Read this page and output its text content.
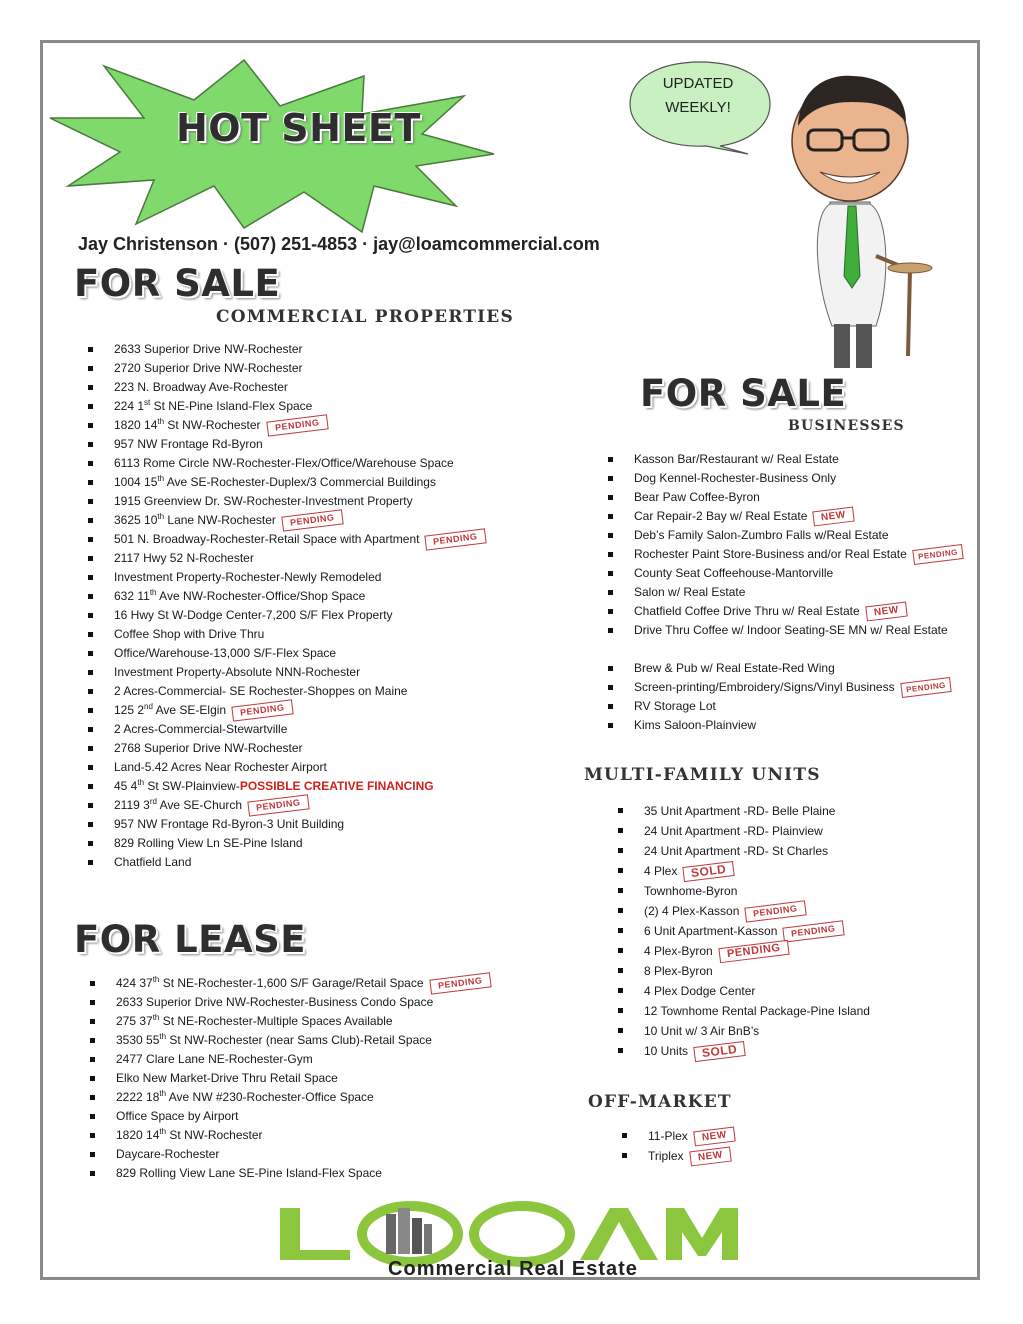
HOT SHEET
UPDATED
WEEKLY!
Jay Christenson · (507) 251-4853 · jay@loamcommercial.com
FOR SALE
COMMERCIAL PROPERTIES
2633 Superior Drive NW-Rochester
2720 Superior Drive NW-Rochester
223 N. Broadway Ave-Rochester
224 1st St NE-Pine Island-Flex Space
1820 14th St NW-Rochester PENDING
957 NW Frontage Rd-Byron
6113 Rome Circle NW-Rochester-Flex/Office/Warehouse Space
1004 15th Ave SE-Rochester-Duplex/3 Commercial Buildings
1915 Greenview Dr. SW-Rochester-Investment Property
3625 10th Lane NW-Rochester PENDING
501 N. Broadway-Rochester-Retail Space with Apartment PENDING
2117 Hwy 52 N-Rochester
Investment Property-Rochester-Newly Remodeled
632 11th Ave NW-Rochester-Office/Shop Space
16 Hwy St W-Dodge Center-7,200 S/F Flex Property
Coffee Shop with Drive Thru
Office/Warehouse-13,000 S/F-Flex Space
Investment Property-Absolute NNN-Rochester
2 Acres-Commercial- SE Rochester-Shoppes on Maine
125 2nd Ave SE-Elgin PENDING
2 Acres-Commercial-Stewartville
2768 Superior Drive NW-Rochester
Land-5.42 Acres Near Rochester Airport
45 4th St SW-Plainview-POSSIBLE CREATIVE FINANCING
2119 3rd Ave SE-Church PENDING
957 NW Frontage Rd-Byron-3 Unit Building
829 Rolling View Ln SE-Pine Island
Chatfield Land
FOR SALE
BUSINESSES
Kasson Bar/Restaurant w/ Real Estate
Dog Kennel-Rochester-Business Only
Bear Paw Coffee-Byron
Car Repair-2 Bay w/ Real Estate NEW
Deb’s Family Salon-Zumbro Falls w/Real Estate
Rochester Paint Store-Business and/or Real Estate PENDING
County Seat Coffeehouse-Mantorville
Salon w/ Real Estate
Chatfield Coffee Drive Thru w/ Real Estate NEW
Drive Thru Coffee w/ Indoor Seating-SE MN w/ Real Estate
Brew & Pub w/ Real Estate-Red Wing
Screen-printing/Embroidery/Signs/Vinyl Business PENDING
RV Storage Lot
Kims Saloon-Plainview
MULTI-FAMILY UNITS
35 Unit Apartment -RD- Belle Plaine
24 Unit Apartment -RD- Plainview
24 Unit Apartment -RD- St Charles
4 Plex SOLD
Townhome-Byron
(2) 4 Plex-Kasson PENDING
6 Unit Apartment-Kasson PENDING
4 Plex-Byron PENDING
8 Plex-Byron
4 Plex Dodge Center
12 Townhome Rental Package-Pine Island
10 Unit w/ 3 Air BnB’s
10 Units SOLD
OFF-MARKET
11-Plex NEW
Triplex NEW
FOR LEASE
424 37th St NE-Rochester-1,600 S/F Garage/Retail Space PENDING
2633 Superior Drive NW-Rochester-Business Condo Space
275 37th St NE-Rochester-Multiple Spaces Available
3530 55th St NW-Rochester (near Sams Club)-Retail Space
2477 Clare Lane NE-Rochester-Gym
Elko New Market-Drive Thru Retail Space
2222 18th Ave NW #230-Rochester-Office Space
Office Space by Airport
1820 14th St NW-Rochester
Daycare-Rochester
829 Rolling View Lane SE-Pine Island-Flex Space
Commercial Real Estate
